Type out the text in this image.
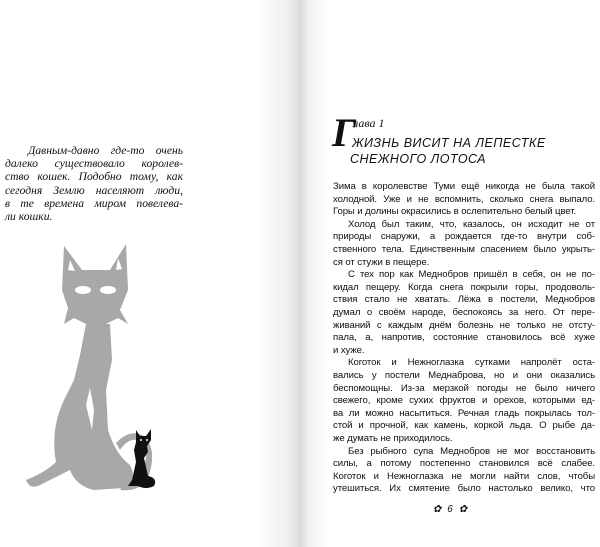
Давным-давно где-то очень
далеко существовало королев-
ство кошек. Подобно тому, как
сегодня Землю населяют люди,
в те времена миром повелева-
ли кошки.
Г
лава 1
ЖИЗНЬ ВИСИТ НА ЛЕПЕСТКЕ
СНЕЖНОГО ЛОТОСА
Зима в королевстве Туми ещё никогда не была такой
холодной. Уже и не вспомнить, сколько снега выпало.
Горы и долины окрасились в ослепительно белый цвет.
Холод был таким, что, казалось, он исходит не от
природы снаружи, а рождается где-то внутри соб-
ственного тела. Единственным спасением было укрыть-
ся от стужи в пещере.
С тех пор как Меднобров пришёл в себя, он не по-
кидал пещеру. Когда снега покрыли горы, продоволь-
ствия стало не хватать. Лёжа в постели, Меднобров
думал о своём народе, беспокоясь за него. От пере-
живаний с каждым днём болезнь не только не отсту-
пала, а, напротив, состояние становилось всё хуже
и хуже.
Коготок и Нежноглазка сутками напролёт оста-
вались у постели Меднаброва, но и они оказались
беспомощны. Из-за мерзкой погоды не было ничего
свежего, кроме сухих фруктов и орехов, которыми ед-
ва ли можно насытиться. Речная гладь покрылась тол-
стой и прочной, как камень, коркой льда. О рыбе да-
же думать не приходилось.
Без рыбного супа Меднобров не мог восстановить
силы, а потому постепенно становился всё слабее.
Коготок и Нежноглазка не могли найти слов, чтобы
утешиться. Их смятение было настолько велико, что
✿ 6 ✿
